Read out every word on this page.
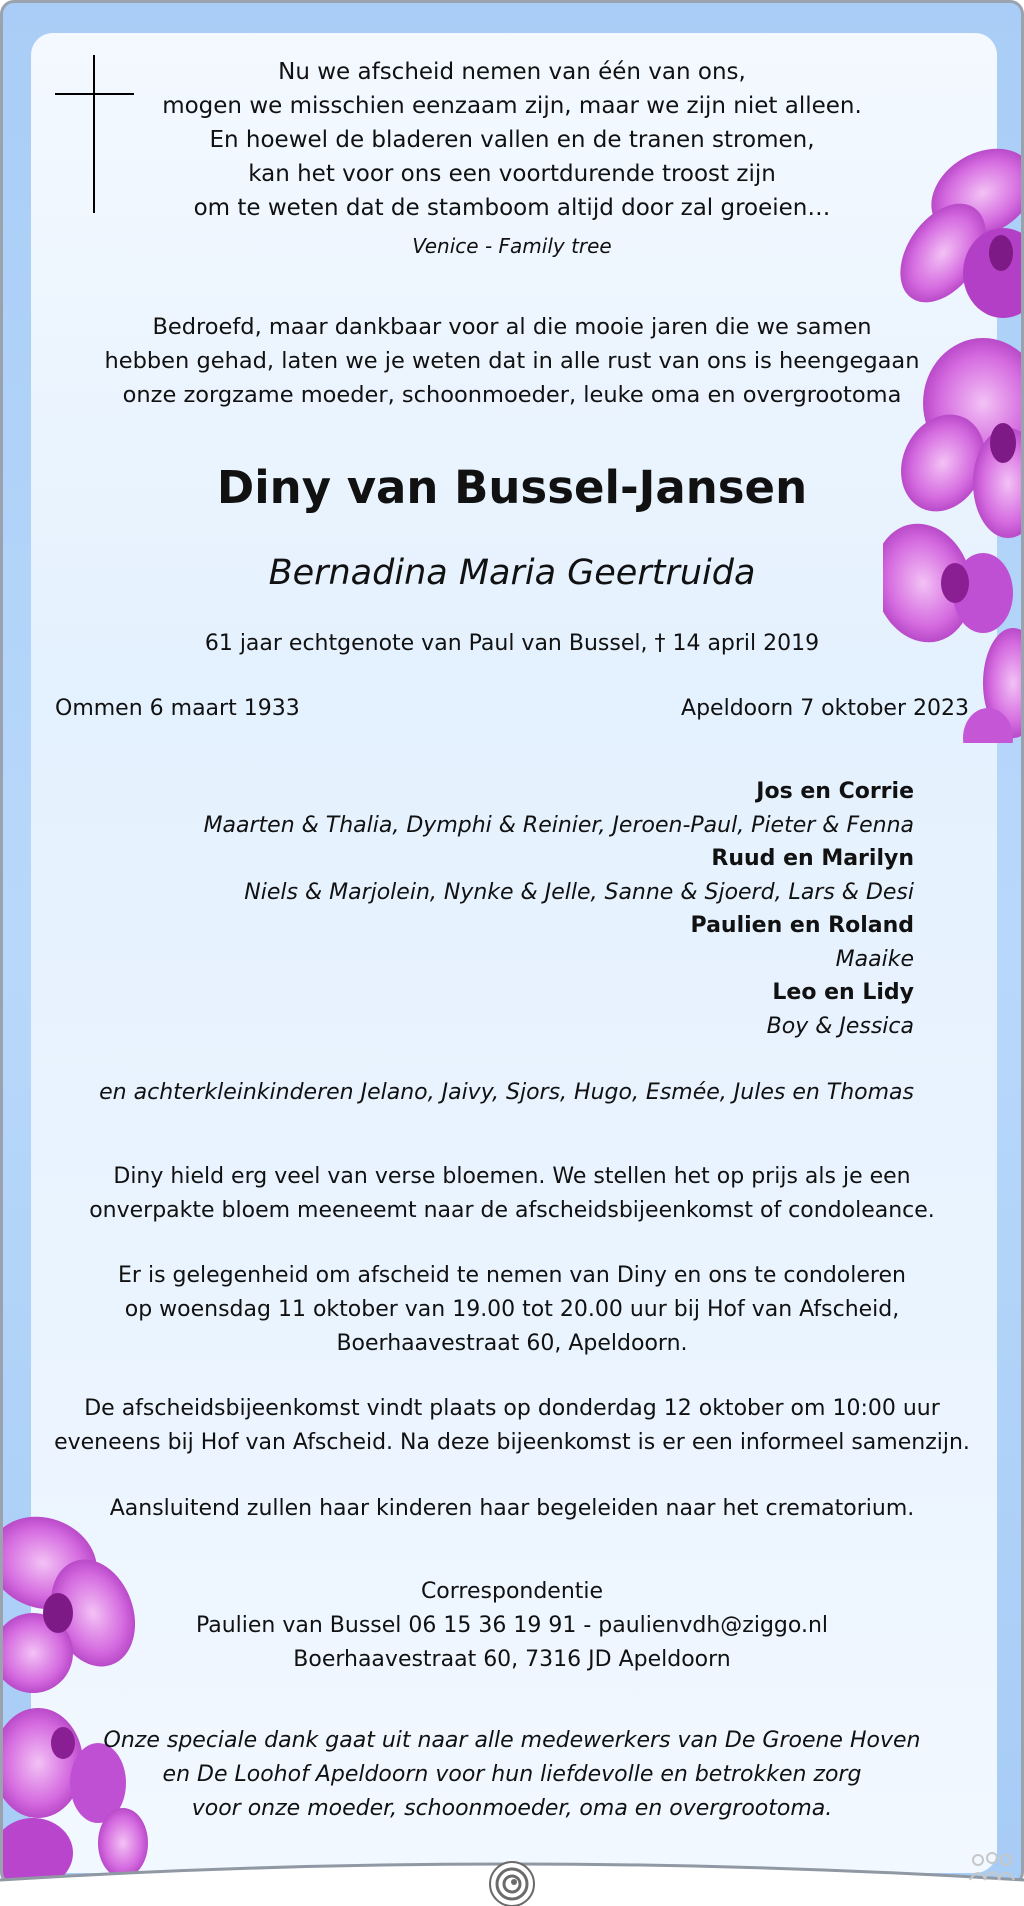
Nu we afscheid nemen van één van ons,
mogen we misschien eenzaam zijn, maar we zijn niet alleen.
En hoewel de bladeren vallen en de tranen stromen,
kan het voor ons een voortdurende troost zijn
om te weten dat de stamboom altijd door zal groeien…
Venice - Family tree
Bedroefd, maar dankbaar voor al die mooie jaren die we samen
hebben gehad, laten we je weten dat in alle rust van ons is heengegaan
onze zorgzame moeder, schoonmoeder, leuke oma en overgrootoma
Diny van Bussel-Jansen
Bernadina Maria Geertruida
61 jaar echtgenote van Paul van Bussel, † 14 april 2019
Ommen 6 maart 1933	Apeldoorn 7 oktober 2023
Jos en Corrie
Maarten & Thalia, Dymphi & Reinier, Jeroen-Paul, Pieter & Fenna
Ruud en Marilyn
Niels & Marjolein, Nynke & Jelle, Sanne & Sjoerd, Lars & Desi
Paulien en Roland
Maaike
Leo en Lidy
Boy & Jessica
en achterkleinkinderen Jelano, Jaivy, Sjors, Hugo, Esmée, Jules en Thomas
Diny hield erg veel van verse bloemen. We stellen het op prijs als je een
onverpakte bloem meeneemt naar de afscheidsbijeenkomst of condoleance.
Er is gelegenheid om afscheid te nemen van Diny en ons te condoleren
op woensdag 11 oktober van 19.00 tot 20.00 uur bij Hof van Afscheid,
Boerhaavestraat 60, Apeldoorn.
De afscheidsbijeenkomst vindt plaats op donderdag 12 oktober om 10:00 uur
eveneens bij Hof van Afscheid. Na deze bijeenkomst is er een informeel samenzijn.
Aansluitend zullen haar kinderen haar begeleiden naar het crematorium.
Correspondentie
Paulien van Bussel 06 15 36 19 91 - paulienvdh@ziggo.nl
Boerhaavestraat 60, 7316 JD Apeldoorn
Onze speciale dank gaat uit naar alle medewerkers van De Groene Hoven
en De Loohof Apeldoorn voor hun liefdevolle en betrokken zorg
voor onze moeder, schoonmoeder, oma en overgrootoma.
